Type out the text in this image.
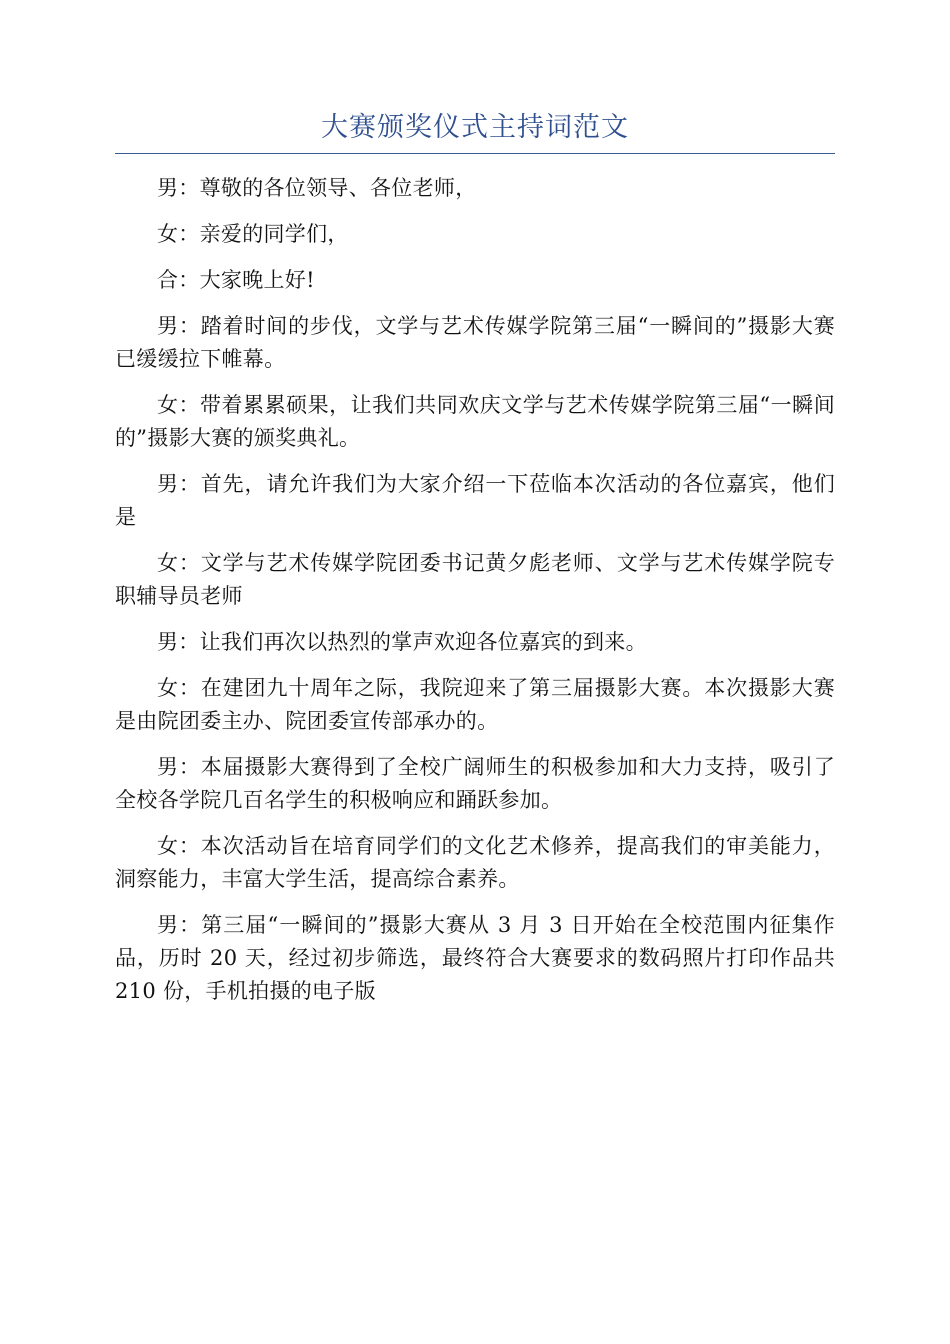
大赛颁奖仪式主持词范文

男：尊敬的各位领导、各位老师，

女：亲爱的同学们，

合：大家晚上好!

男：踏着时间的步伐，文学与艺术传媒学院第三届“一瞬间的”摄影大赛已缓缓拉下帷幕。

女：带着累累硕果，让我们共同欢庆文学与艺术传媒学院第三届“一瞬间的”摄影大赛的颁奖典礼。

男：首先，请允许我们为大家介绍一下莅临本次活动的各位嘉宾，他们是

女：文学与艺术传媒学院团委书记黄夕彪老师、文学与艺术传媒学院专职辅导员老师

男：让我们再次以热烈的掌声欢迎各位嘉宾的到来。

女：在建团九十周年之际，我院迎来了第三届摄影大赛。本次摄影大赛是由院团委主办、院团委宣传部承办的。

男：本届摄影大赛得到了全校广阔师生的积极参加和大力支持，吸引了全校各学院几百名学生的积极响应和踊跃参加。

女：本次活动旨在培育同学们的文化艺术修养，提高我们的审美能力，洞察能力，丰富大学生活，提高综合素养。

男：第三届“一瞬间的”摄影大赛从 3 月 3 日开始在全校范围内征集作品，历时 20 天，经过初步筛选，最终符合大赛要求的数码照片打印作品共 210 份，手机拍摄的电子版
